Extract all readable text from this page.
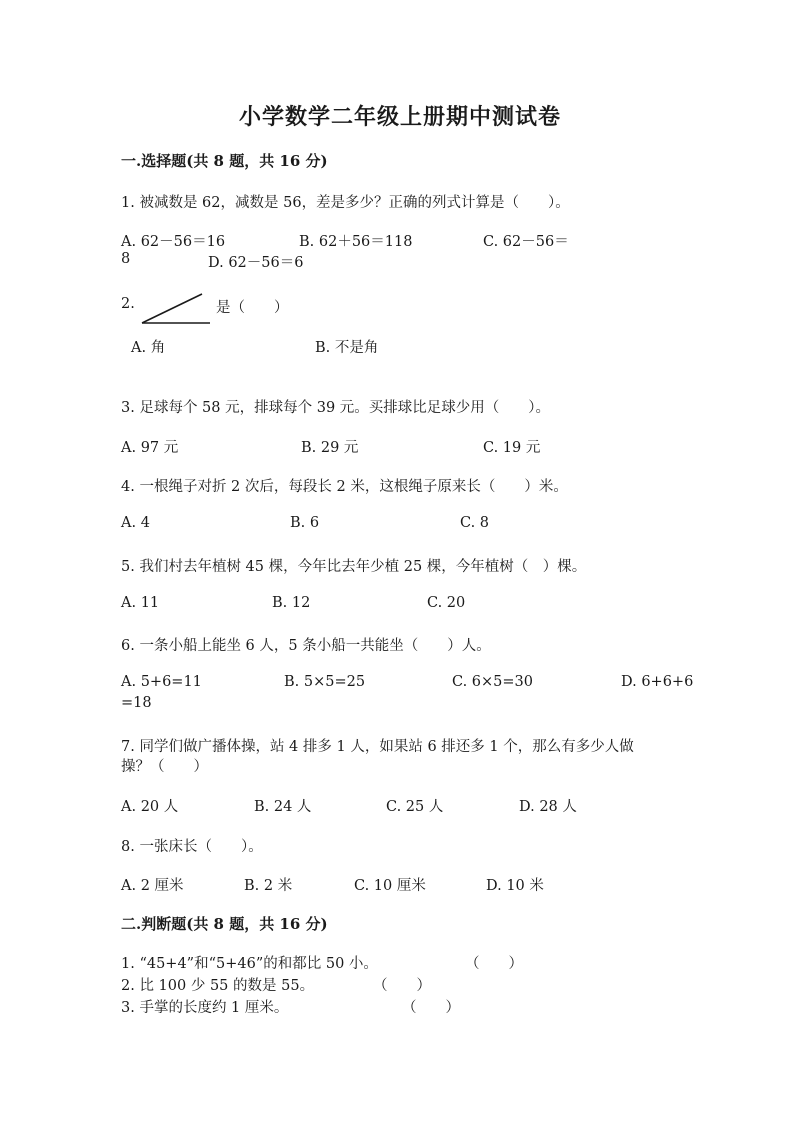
小学数学二年级上册期中测试卷
一.选择题(共 8 题，共 16 分)
1. 被减数是 62，减数是 56，差是多少？正确的列式计算是（　　）。
A. 62－56＝16	B. 62＋56＝118	C. 62－56＝
8	D. 62－56＝6
2.	是（　　）
A. 角	B. 不是角
3. 足球每个 58 元，排球每个 39 元。买排球比足球少用（　　）。
A. 97 元	B. 29 元	C. 19 元
4. 一根绳子对折 2 次后，每段长 2 米，这根绳子原来长（　　）米。
A. 4	B. 6	C. 8
5. 我们村去年植树 45 棵，今年比去年少植 25 棵，今年植树（　）棵。
A. 11	B. 12	C. 20
6. 一条小船上能坐 6 人，5 条小船一共能坐（　　）人。
A. 5+6=11	B. 5×5=25	C. 6×5=30	D. 6+6+6
=18
7. 同学们做广播体操，站 4 排多 1 人，如果站 6 排还多 1 个，那么有多少人做
操？（　　）
A. 20 人	B. 24 人	C. 25 人	D. 28 人
8. 一张床长（　　）。
A. 2 厘米	B. 2 米	C. 10 厘米	D. 10 米
二.判断题(共 8 题，共 16 分)
1. “45+4”和“5+46”的和都比 50 小。	（　　）
2. 比 100 少 55 的数是 55。	（　　）
3. 手掌的长度约 1 厘米。	（　　）
